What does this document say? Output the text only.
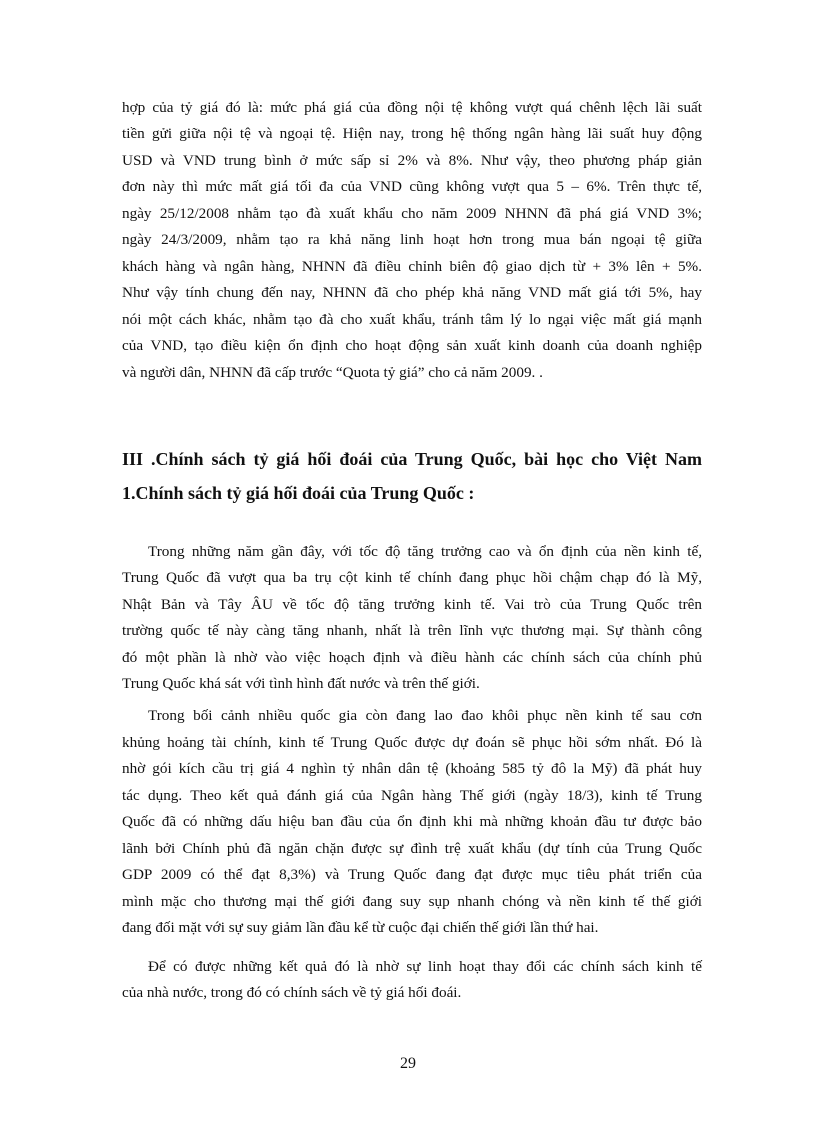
hợp của tỷ giá đó là: mức phá giá của đồng nội tệ không vượt quá chênh lệch lãi suất
tiền gửi giữa nội tệ và ngoại tệ. Hiện nay, trong hệ thống ngân hàng lãi suất huy động
USD và VND trung bình ở mức sấp sỉ 2% và 8%. Như vậy, theo phương pháp giản
đơn này thì mức mất giá tối đa của VND cũng không vượt qua 5 – 6%. Trên thực tế,
ngày 25/12/2008 nhằm tạo đà xuất khẩu cho năm 2009 NHNN đã phá giá VND 3%;
ngày 24/3/2009, nhằm tạo ra khả năng linh hoạt hơn trong mua bán ngoại tệ giữa
khách hàng và ngân hàng, NHNN đã điều chỉnh biên độ giao dịch từ + 3% lên + 5%.
Như vậy tính chung đến nay, NHNN đã cho phép khả năng VND mất giá tới 5%, hay
nói một cách khác, nhằm tạo đà cho xuất khẩu, tránh tâm lý lo ngại việc mất giá mạnh
của VND, tạo điều kiện ổn định cho hoạt động sản xuất kinh doanh của doanh nghiệp
và người dân, NHNN đã cấp trước “Quota tỷ giá” cho cả năm 2009. .
III .Chính sách tỷ giá hối đoái của Trung Quốc, bài học cho Việt Nam
1.Chính sách tỷ giá hối đoái của Trung Quốc :
Trong những năm gần đây, với tốc độ tăng trưởng cao và ổn định của nền kinh tế,
Trung Quốc đã vượt qua ba trụ cột kinh tế chính đang phục hồi chậm chạp đó là Mỹ,
Nhật Bản và Tây ÂU về tốc độ tăng trưởng kinh tế. Vai trò của Trung Quốc trên
trường quốc tế này càng tăng nhanh, nhất là trên lĩnh vực thương mại. Sự thành công
đó một phần là nhờ vào việc hoạch định và điều hành các chính sách của chính phủ
Trung Quốc khá sát với tình hình đất nước và trên thế giới.
Trong bối cảnh nhiều quốc gia còn đang lao đao khôi phục nền kinh tế sau cơn
khủng hoảng tài chính, kinh tế Trung Quốc được dự đoán sẽ phục hồi sớm nhất. Đó là
nhờ gói kích cầu trị giá 4 nghìn tỷ nhân dân tệ (khoảng 585 tỷ đô la Mỹ) đã phát huy
tác dụng. Theo kết quả đánh giá của Ngân hàng Thế giới (ngày 18/3), kinh tế Trung
Quốc đã có những dấu hiệu ban đầu của ổn định khi mà những khoản đầu tư được bảo
lãnh bởi Chính phủ đã ngăn chặn được sự đình trệ xuất khẩu (dự tính của Trung Quốc
GDP 2009 có thể đạt 8,3%) và Trung Quốc đang đạt được mục tiêu phát triển của
mình mặc cho thương mại thế giới đang suy sụp nhanh chóng và nền kinh tế thế giới
đang đối mặt với sự suy giảm lần đầu kể từ cuộc đại chiến thế giới lần thứ hai.
Để có được những kết quả đó là nhờ sự linh hoạt thay đổi các chính sách kinh tế
của nhà nước, trong đó có chính sách về tỷ giá hối đoái.
29
